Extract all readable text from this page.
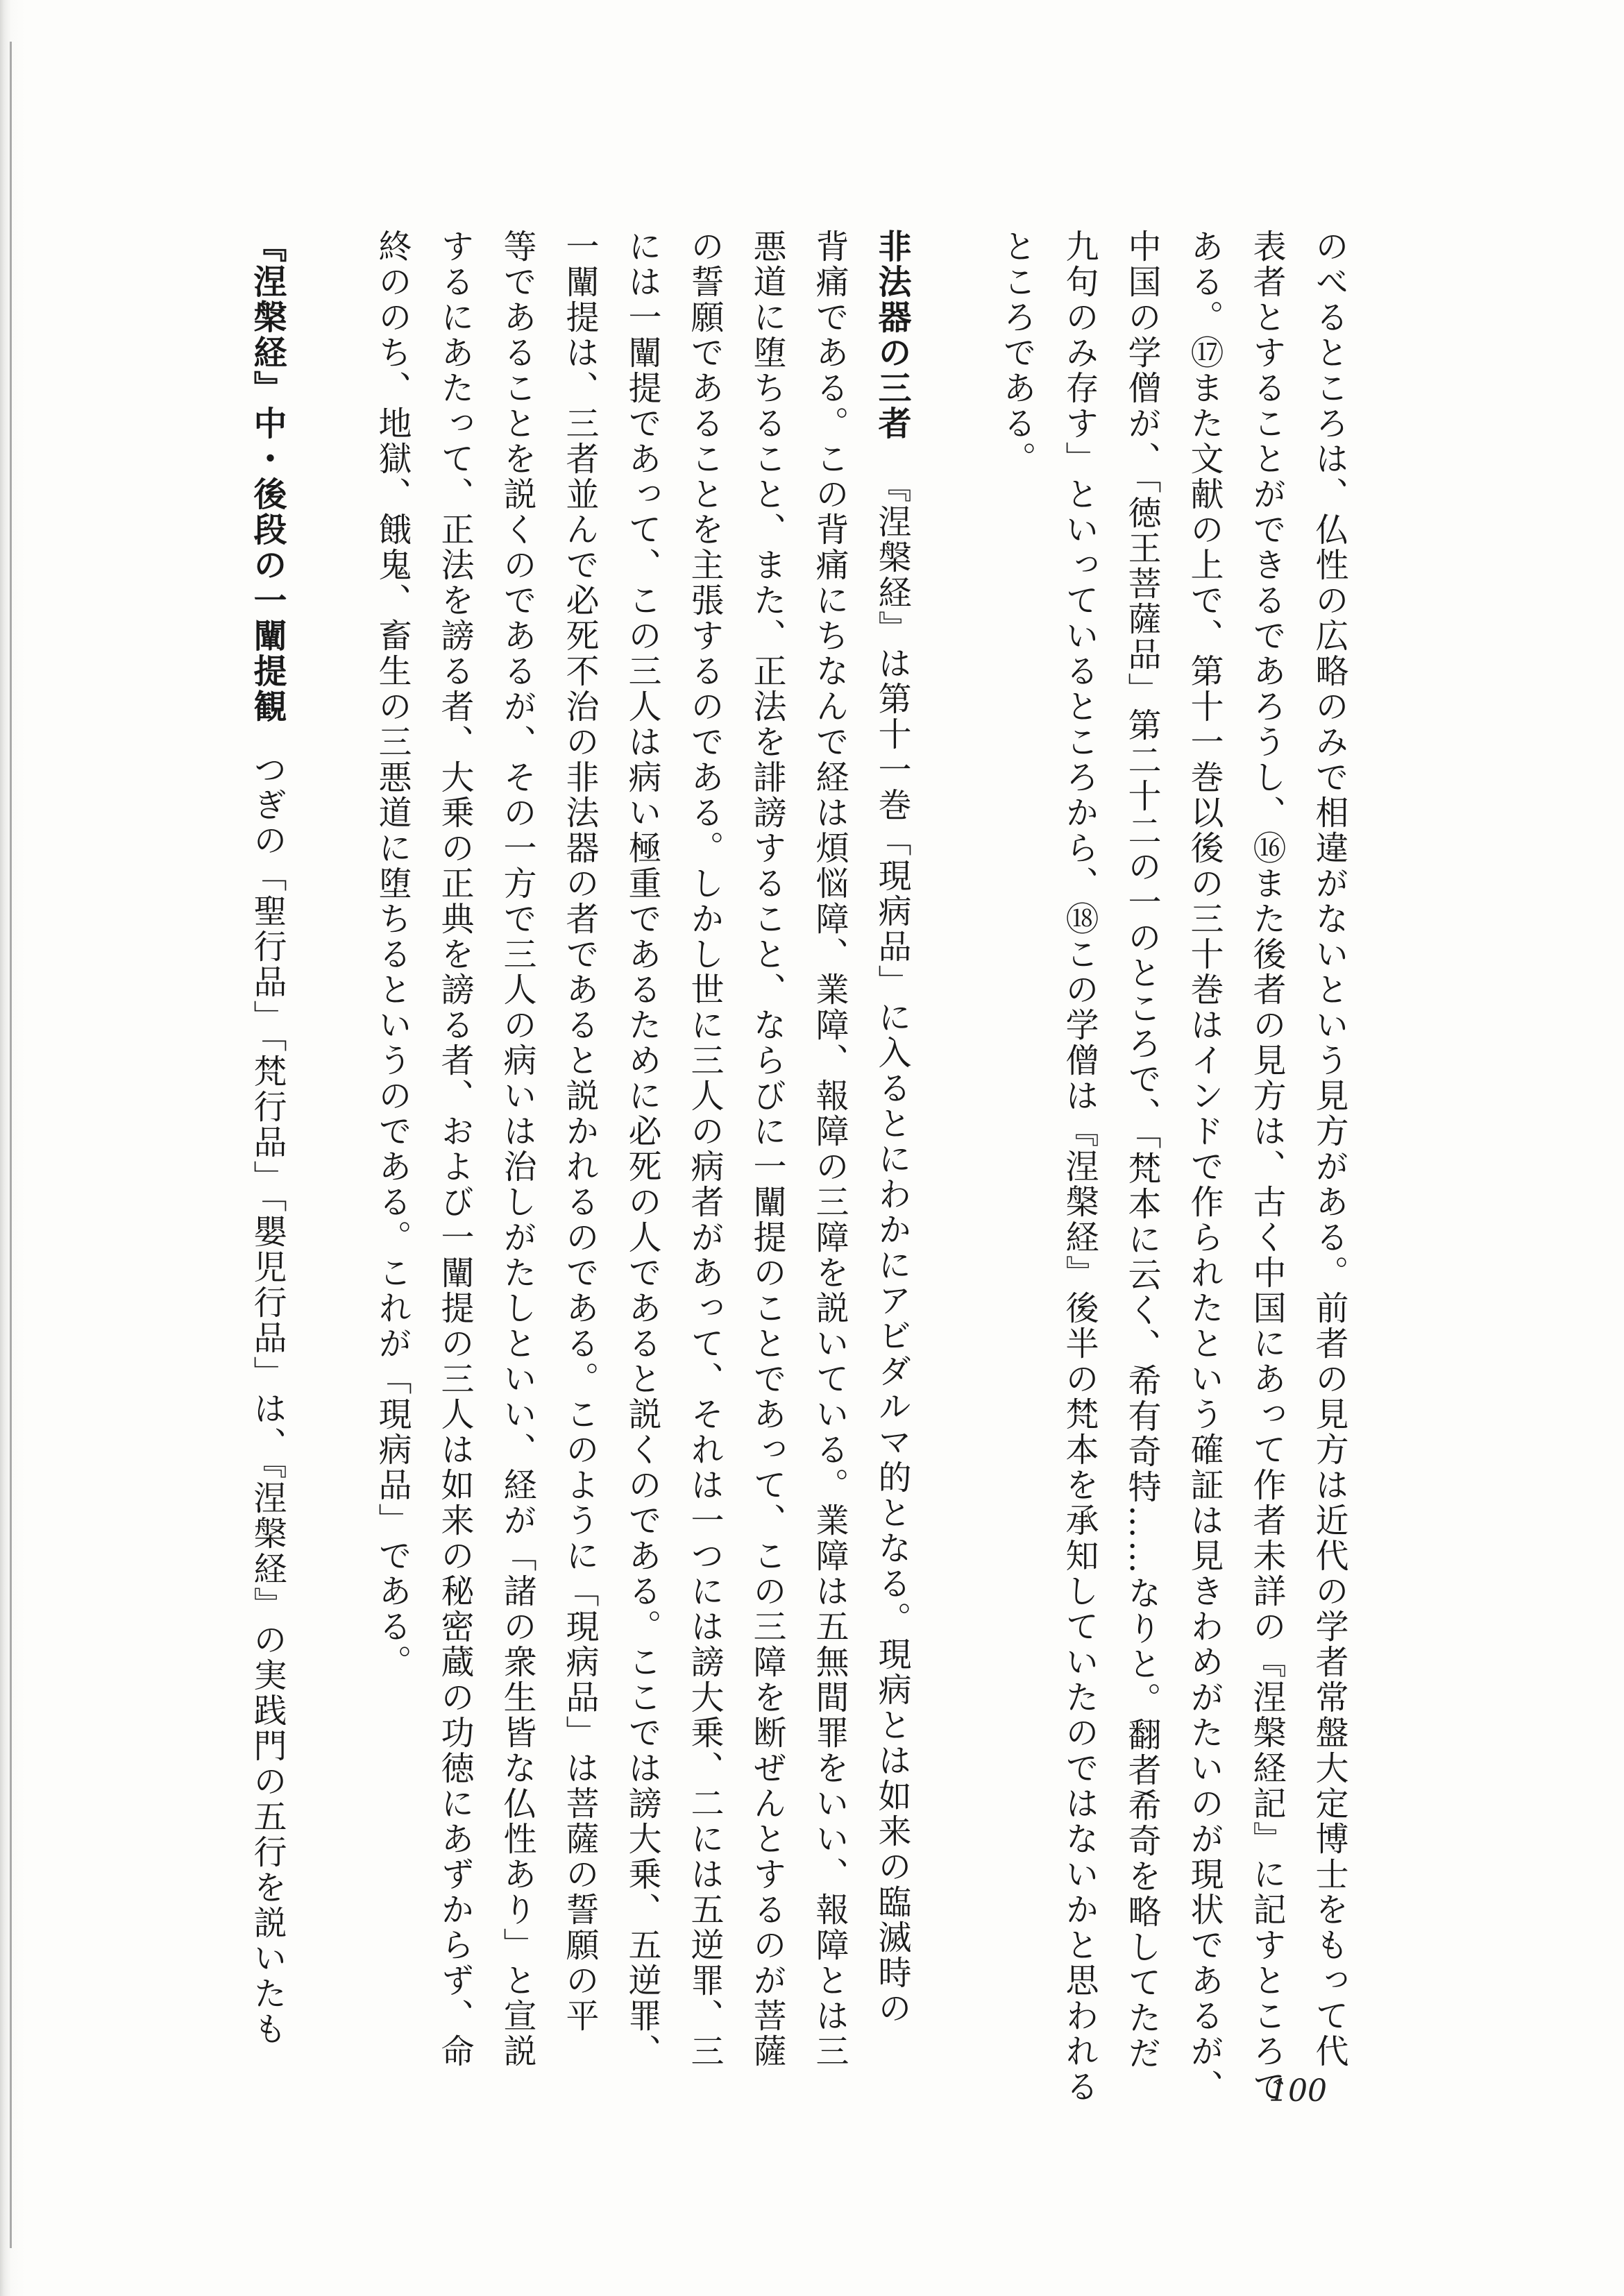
のべるところは、仏性の広略のみで相違がないという見方がある。前者の見方は近代の学者常盤大定博士をもって代
表者とすることができるであろうし、⑯また後者の見方は、古く中国にあって作者未詳の『涅槃経記』に記すところで
ある。⑰また文献の上で、第十一巻以後の三十巻はインドで作られたという確証は見きわめがたいのが現状であるが、
中国の学僧が、「徳王菩薩品」第二十二の一のところで、「梵本に云く、希有奇特……なりと。翻者希奇を略してただ
九句のみ存す」といっているところから、⑱この学僧は『涅槃経』後半の梵本を承知していたのではないかと思われる
ところである。
非法器の三者『涅槃経』は第十一巻「現病品」に入るとにわかにアビダルマ的となる。現病とは如来の臨滅時の
背痛である。この背痛にちなんで経は煩悩障、業障、報障の三障を説いている。業障は五無間罪をいい、報障とは三
悪道に堕ちること、また、正法を誹謗すること、ならびに一闡提のことであって、この三障を断ぜんとするのが菩薩
の誓願であることを主張するのである。しかし世に三人の病者があって、それは一つには謗大乗、二には五逆罪、三
には一闡提であって、この三人は病い極重であるために必死の人であると説くのである。ここでは謗大乗、五逆罪、
一闡提は、三者並んで必死不治の非法器の者であると説かれるのである。このように「現病品」は菩薩の誓願の平
等であることを説くのであるが、その一方で三人の病いは治しがたしといい、経が「諸の衆生皆な仏性あり」と宣説
するにあたって、正法を謗る者、大乗の正典を謗る者、および一闡提の三人は如来の秘密蔵の功徳にあずからず、命
終ののち、地獄、餓鬼、畜生の三悪道に堕ちるというのである。これが「現病品」である。
『涅槃経』中・後段の一闡提観つぎの「聖行品」「梵行品」「嬰児行品」は、『涅槃経』の実践門の五行を説いたも
100
